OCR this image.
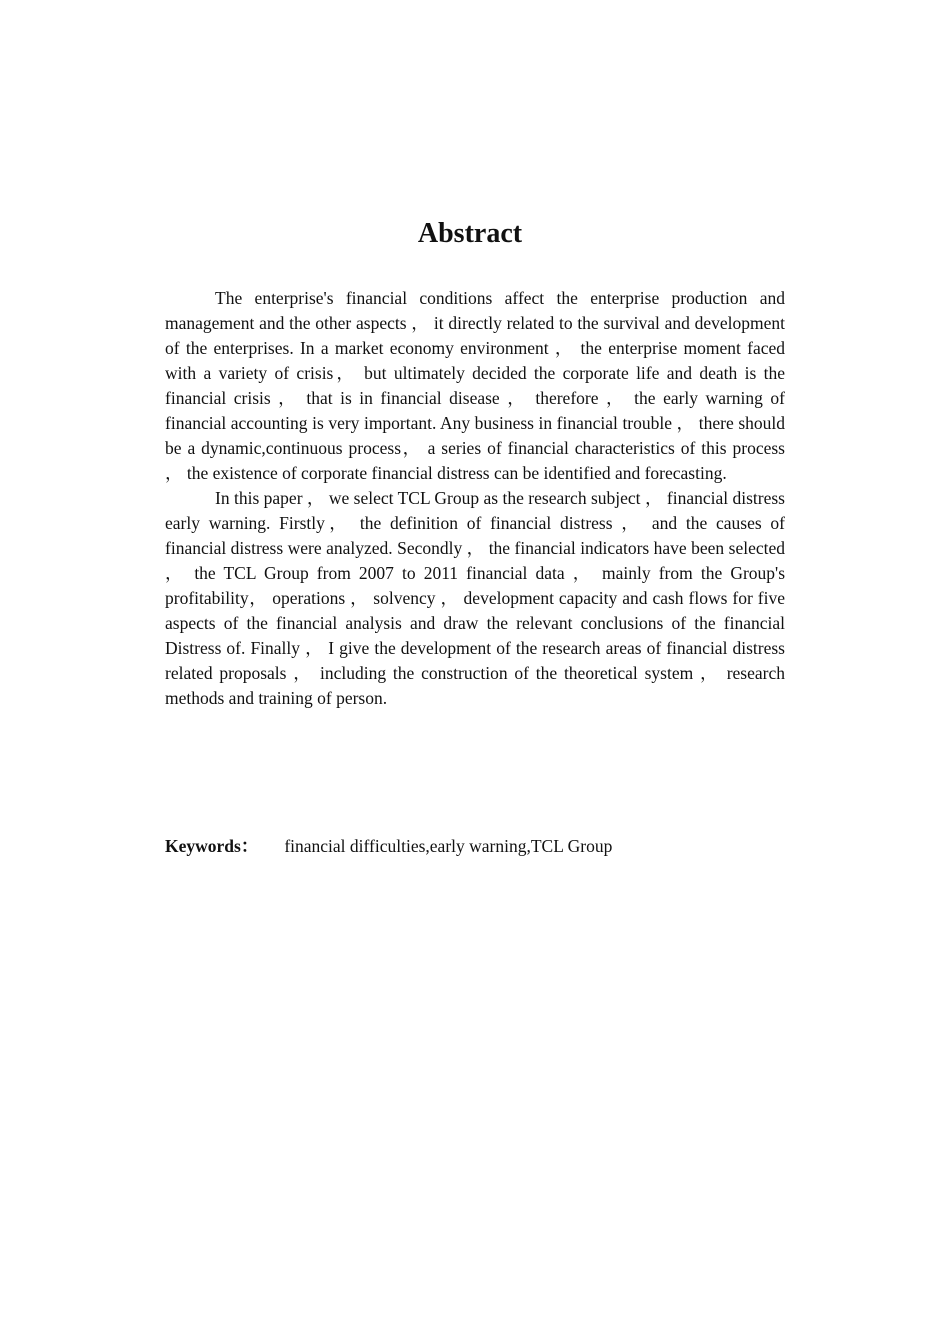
Abstract

The enterprise's financial conditions affect the enterprise production and management and the other aspects ， it directly related to the survival and development of the enterprises. In a market economy environment ， the enterprise moment faced with a variety of crisis， but ultimately decided the corporate life and death is the financial crisis ， that is in financial disease ， therefore ， the early warning of financial accounting is very important. Any business in financial trouble ， there should be a dynamic,continuous process， a series of financial characteristics of this process ， the existence of corporate financial distress can be identified and forecasting.

In this paper ， we select TCL Group as the research subject ， financial distress early warning. Firstly， the definition of financial distress ， and the causes of financial distress were analyzed. Secondly ， the financial indicators have been selected ， the TCL Group from 2007 to 2011 financial data ， mainly from the Group's profitability， operations ， solvency ， development capacity and cash flows for five aspects of the financial analysis and draw the relevant conclusions of the financial Distress of. Finally ， I give the development of the research areas of financial distress related proposals ， including the construction of the theoretical system ， research methods and training of person.

Keywords： financial difficulties,early warning,TCL Group
